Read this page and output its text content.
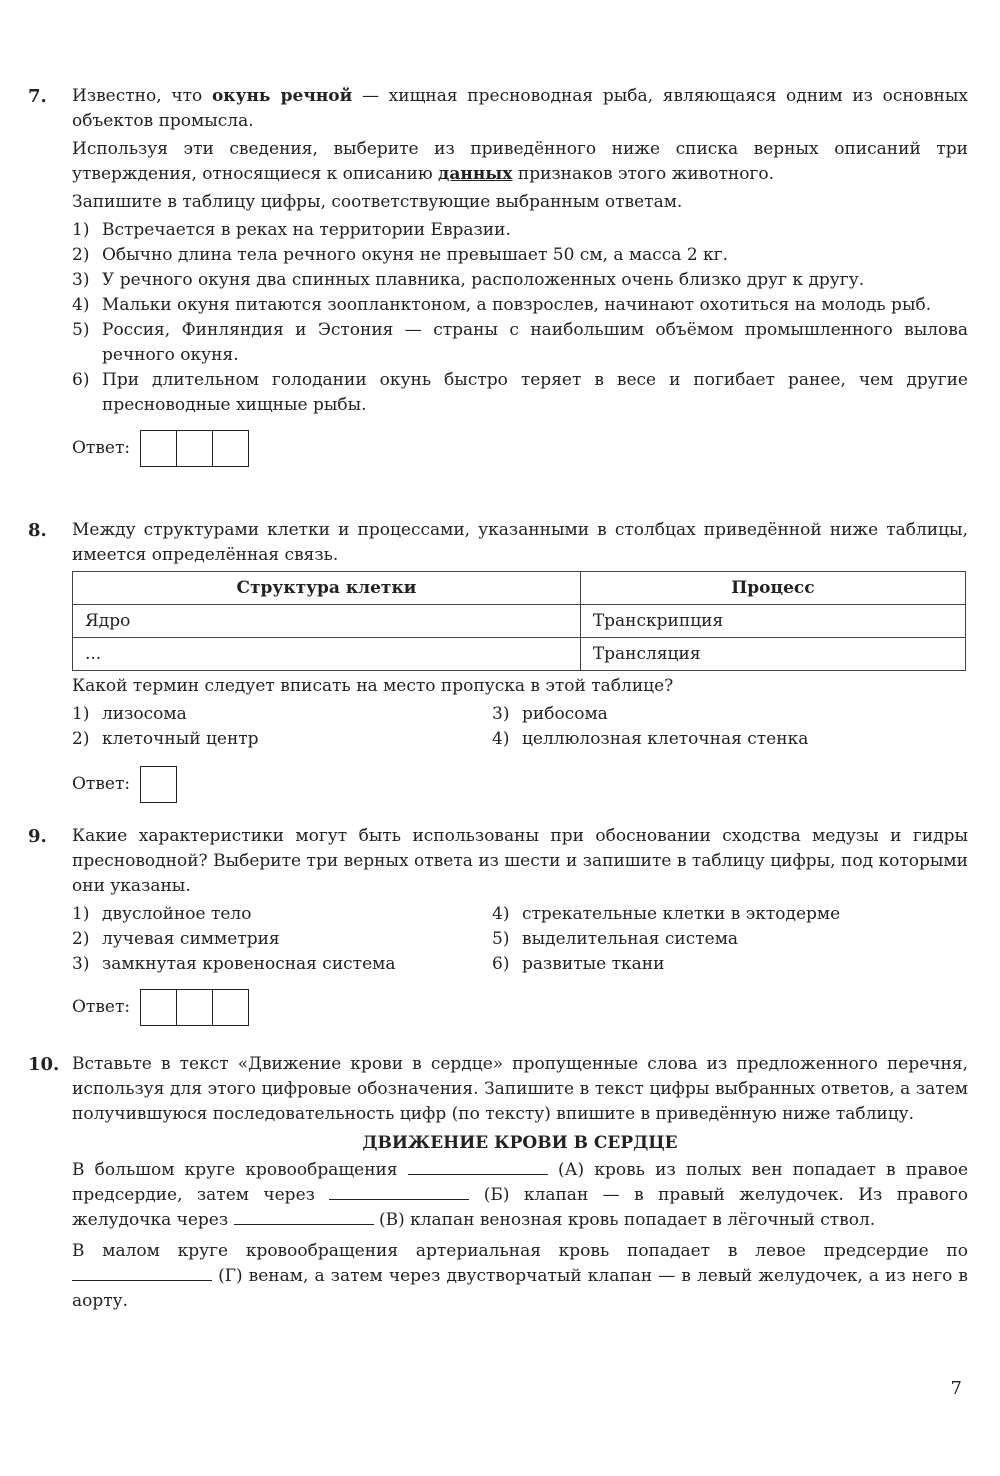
7. Известно, что окунь речной — хищная пресноводная рыба, являющаяся одним из основных объектов промысла.

Используя эти сведения, выберите из приведённого ниже списка верных описаний три утверждения, относящиеся к описанию данных признаков этого животного.

Запишите в таблицу цифры, соответствующие выбранным ответам.

1) Встречается в реках на территории Евразии.
2) Обычно длина тела речного окуня не превышает 50 см, а масса 2 кг.
3) У речного окуня два спинных плавника, расположенных очень близко друг к другу.
4) Мальки окуня питаются зоопланктоном, а повзрослев, начинают охотиться на молодь рыб.
5) Россия, Финляндия и Эстония — страны с наибольшим объёмом промышленного вылова речного окуня.
6) При длительном голодании окунь быстро теряет в весе и погибает ранее, чем другие пресноводные хищные рыбы.
Ответ:
8. Между структурами клетки и процессами, указанными в столбцах приведённой ниже таблицы, имеется определённая связь.

Структура клетки	Процесс
Ядро	Транскрипция
...	Трансляция

Какой термин следует вписать на место пропуска в этой таблице?

1) лизосома
2) клеточный центр
3) рибосома
4) целлюлозная клеточная стенка
Ответ:
9. Какие характеристики могут быть использованы при обосновании сходства медузы и гидры пресноводной? Выберите три верных ответа из шести и запишите в таблицу цифры, под которыми они указаны.

1) двуслойное тело
2) лучевая симметрия
3) замкнутая кровеносная система
4) стрекательные клетки в эктодерме
5) выделительная система
6) развитые ткани
Ответ:
10. Вставьте в текст «Движение крови в сердце» пропущенные слова из предложенного перечня, используя для этого цифровые обозначения. Запишите в текст цифры выбранных ответов, а затем получившуюся последовательность цифр (по тексту) впишите в приведённую ниже таблицу.

ДВИЖЕНИЕ КРОВИ В СЕРДЦЕ

В большом круге кровообращения	(А) кровь из полых вен попадает в правое предсердие, затем через	(Б) клапан — в правый желудочек. Из правого желудочка через	(В) клапан венозная кровь попадает в лёгочный ствол.

В малом круге кровообращения артериальная кровь попадает в левое предсердие по  (Г) венам, а затем через двустворчатый клапан — в левый желудочек, а из него в аорту.

7
